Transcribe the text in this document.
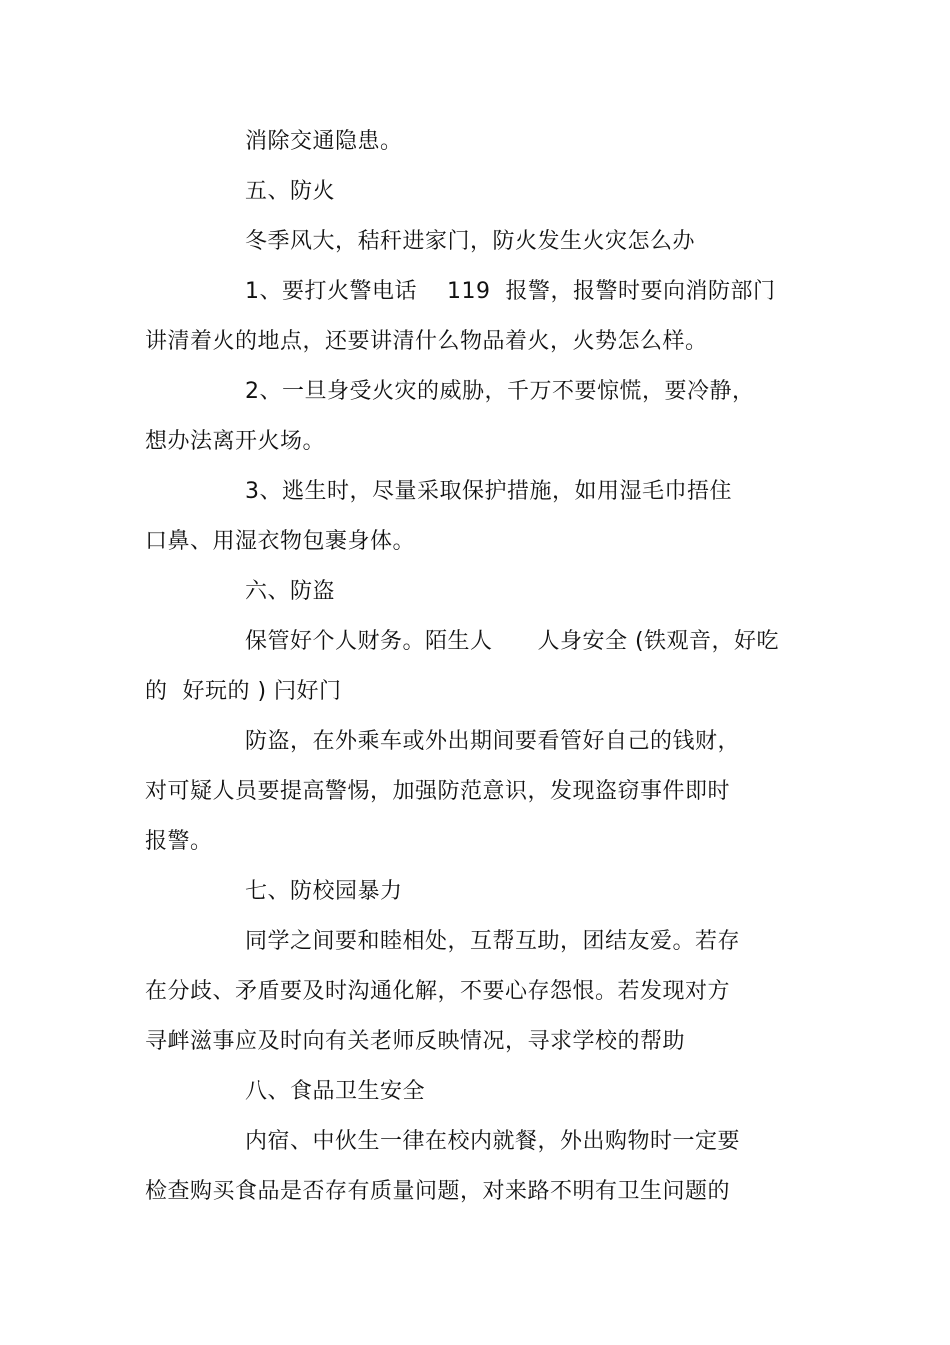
消除交通隐患。
五、防火
冬季风大，秸秆进家门，防火发生火灾怎么办
1、要打火警电话    119  报警，报警时要向消防部门
讲清着火的地点，还要讲清什么物品着火，火势怎么样。
2、一旦身受火灾的威胁，千万不要惊慌，要冷静，
想办法离开火场。
3、逃生时，尽量采取保护措施，如用湿毛巾捂住
口鼻、用湿衣物包裹身体。
六、防盗
保管好个人财务。陌生人      人身安全 (铁观音，好吃
的  好玩的 ) 闩好门
防盗，在外乘车或外出期间要看管好自己的钱财，
对可疑人员要提高警惕，加强防范意识，发现盗窃事件即时
报警。
七、防校园暴力
同学之间要和睦相处，互帮互助，团结友爱。若存
在分歧、矛盾要及时沟通化解，不要心存怨恨。若发现对方
寻衅滋事应及时向有关老师反映情况，寻求学校的帮助
八、食品卫生安全
内宿、中伙生一律在校内就餐，外出购物时一定要
检查购买食品是否存有质量问题，对来路不明有卫生问题的
